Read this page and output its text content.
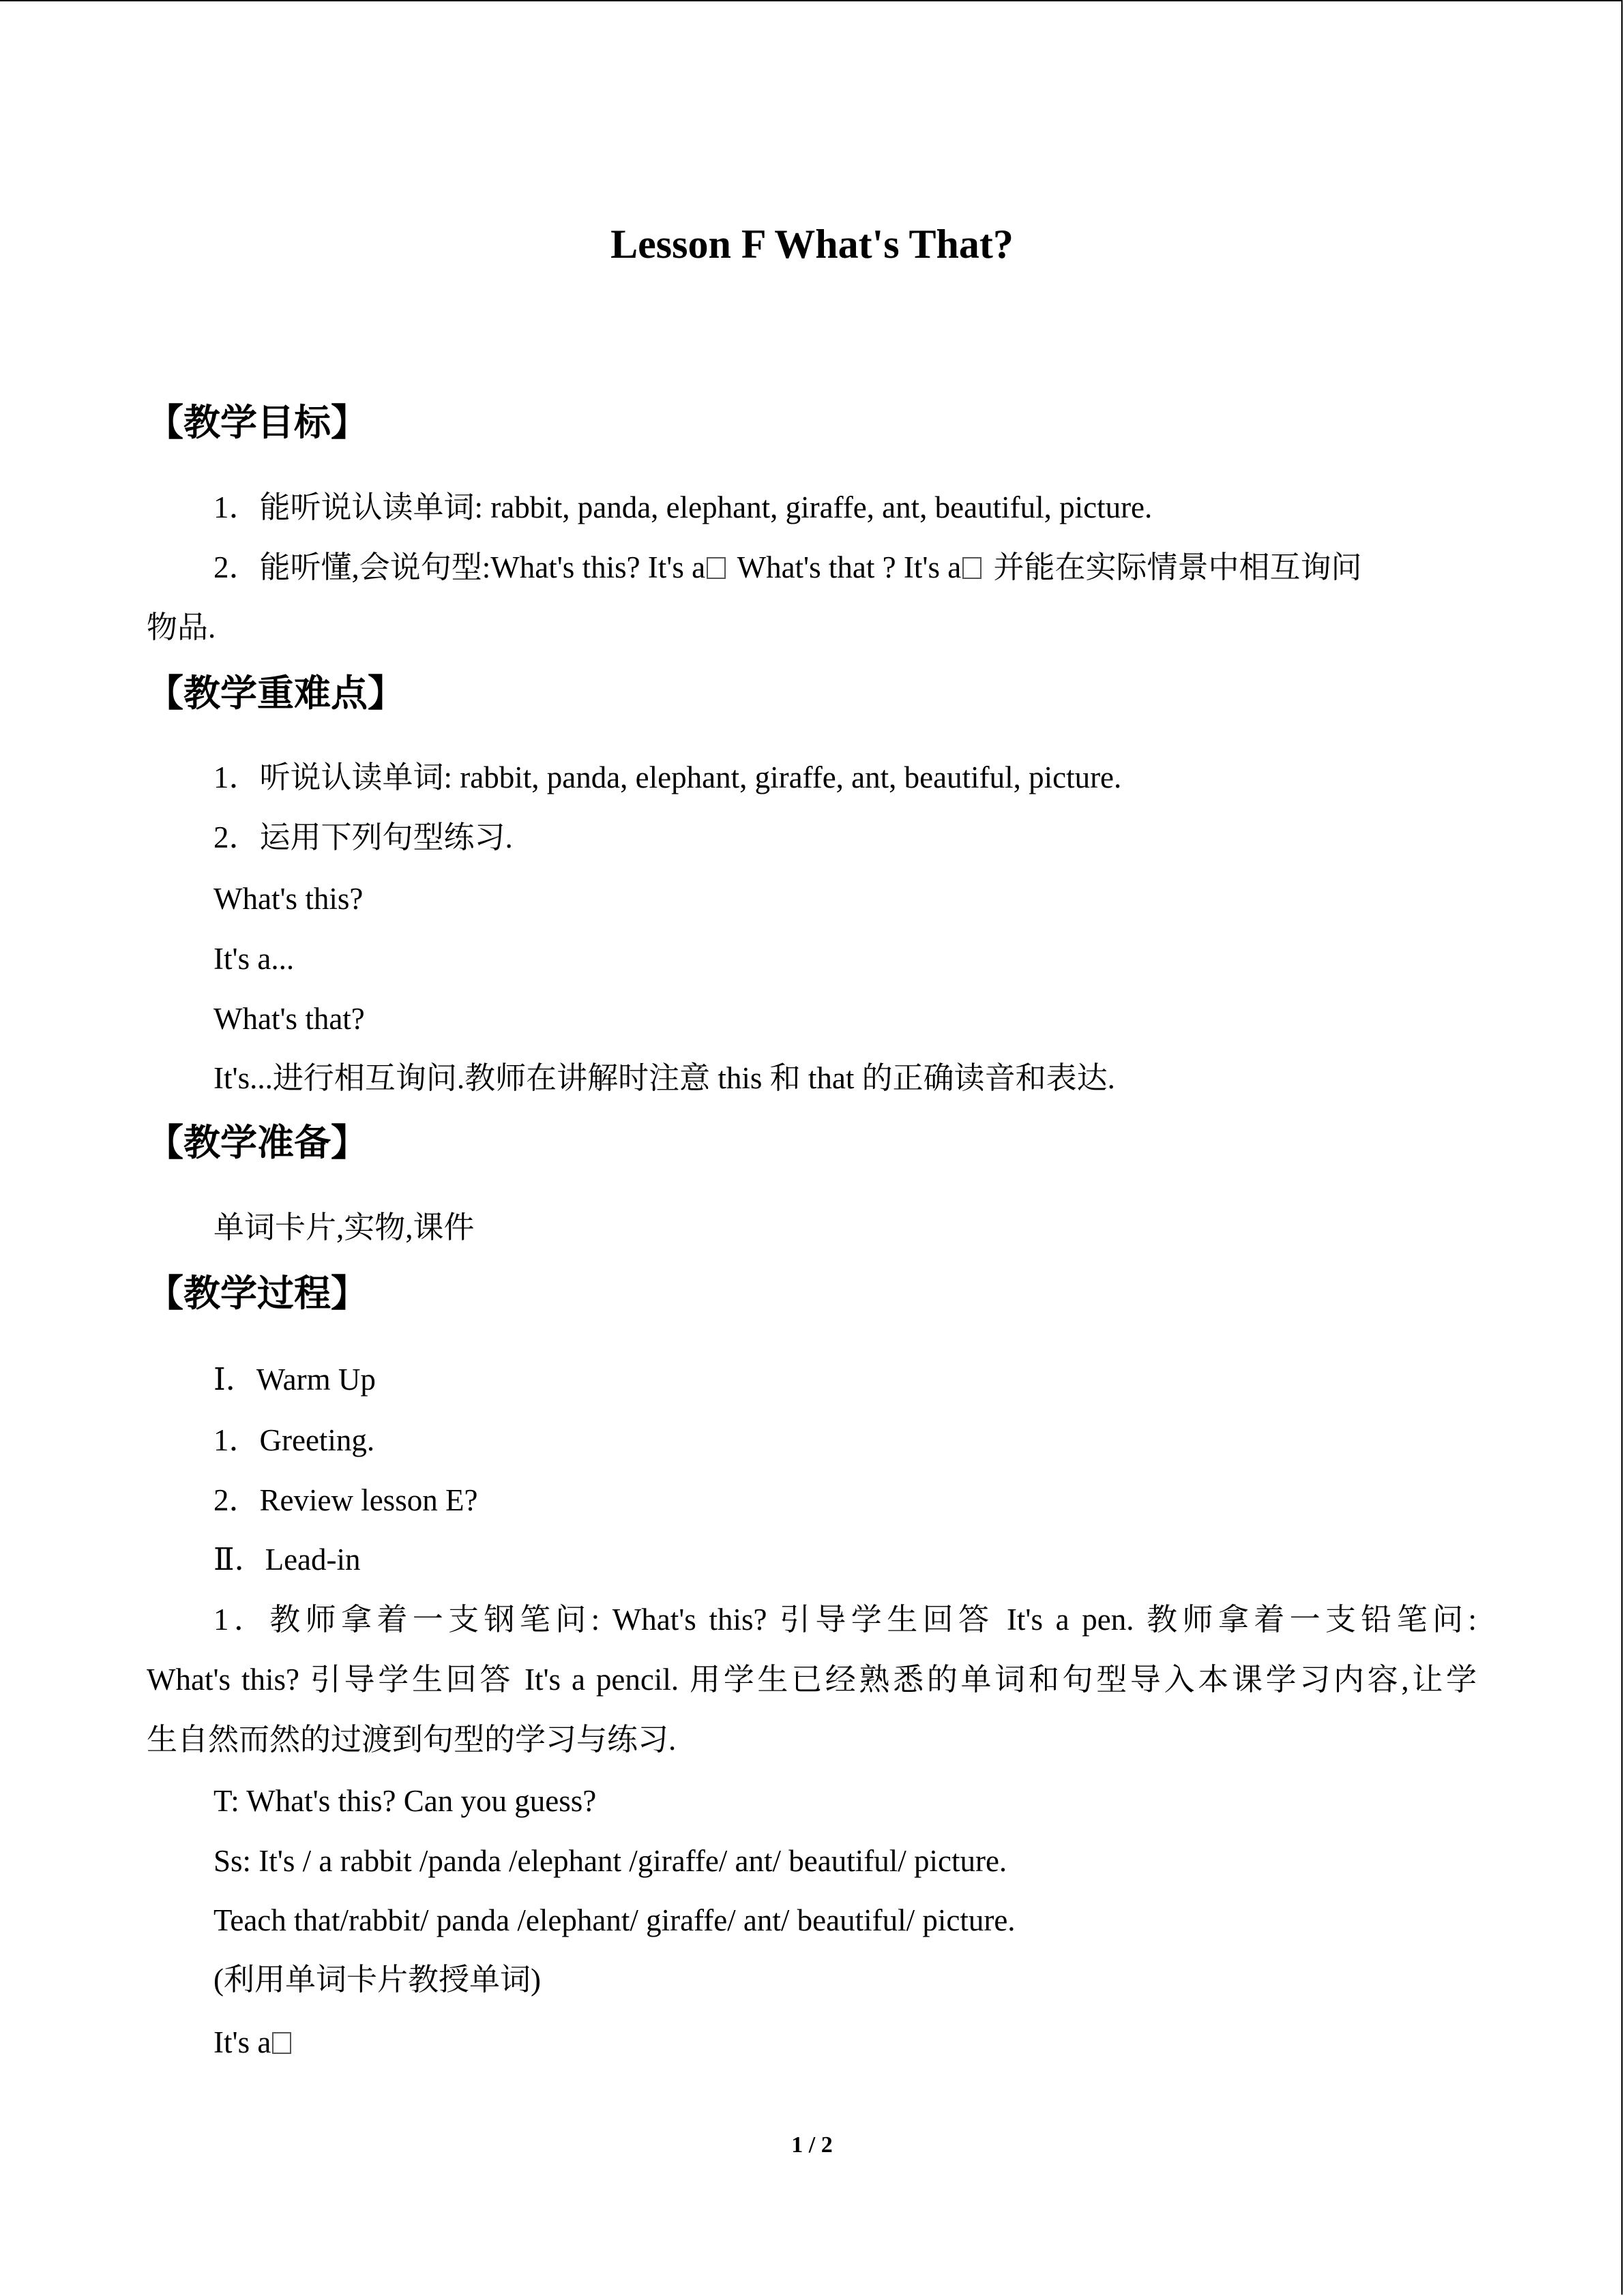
Lesson F What's That?
【教学目标】
1．能听说认读单词: rabbit, panda, elephant, giraffe, ant, beautiful, picture.
2．能听懂,会说句型:What's this? It's a What's that ? It's a 并能在实际情景中相互询问
物品.
【教学重难点】
1．听说认读单词: rabbit, panda, elephant, giraffe, ant, beautiful, picture.
2．运用下列句型练习.
What's this?
It's a...
What's that?
It's...进行相互询问.教师在讲解时注意 this 和 that 的正确读音和表达.
【教学准备】
单词卡片,实物,课件
【教学过程】
Ⅰ．Warm Up
1．Greeting.
2．Review lesson E?
Ⅱ．Lead-in
1．教师拿着一支钢笔问: What's this? 引导学生回答 It's a pen. 教师拿着一支铅笔问:
What's this? 引导学生回答 It's a pencil. 用学生已经熟悉的单词和句型导入本课学习内容,让学
生自然而然的过渡到句型的学习与练习.
T: What's this? Can you guess?
Ss: It's / a rabbit /panda /elephant /giraffe/ ant/ beautiful/ picture.
Teach that/rabbit/ panda /elephant/ giraffe/ ant/ beautiful/ picture.
(利用单词卡片教授单词)
It's a
1 / 2
